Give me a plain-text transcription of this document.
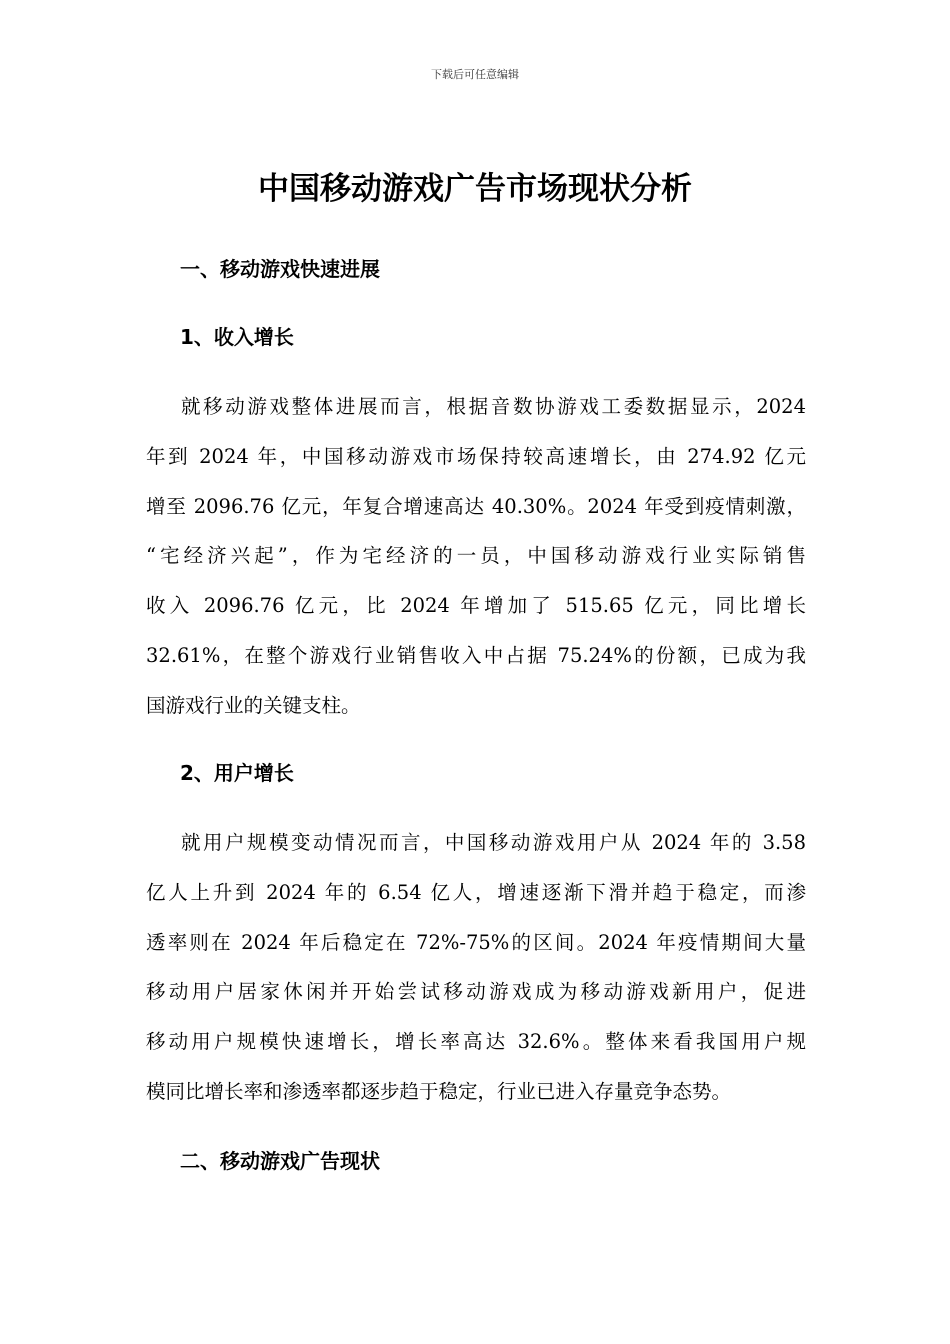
下载后可任意编辑
中国移动游戏广告市场现状分析
一、移动游戏快速进展
1、收入增长
就移动游戏整体进展而言，根据音数协游戏工委数据显示，2024
年到 2024 年，中国移动游戏市场保持较高速增长，由 274.92 亿元
增至 2096.76 亿元，年复合增速高达 40.30%。2024 年受到疫情刺激，
“宅经济兴起”，作为宅经济的一员，中国移动游戏行业实际销售
收入 2096.76 亿元，比 2024 年增加了 515.65 亿元，同比增长
32.61%，在整个游戏行业销售收入中占据 75.24%的份额，已成为我
国游戏行业的关键支柱。
2、用户增长
就用户规模变动情况而言，中国移动游戏用户从 2024 年的 3.58
亿人上升到 2024 年的 6.54 亿人，增速逐渐下滑并趋于稳定，而渗
透率则在 2024 年后稳定在 72%-75%的区间。2024 年疫情期间大量
移动用户居家休闲并开始尝试移动游戏成为移动游戏新用户，促进
移动用户规模快速增长，增长率高达 32.6%。整体来看我国用户规
模同比增长率和渗透率都逐步趋于稳定，行业已进入存量竞争态势。
二、移动游戏广告现状
